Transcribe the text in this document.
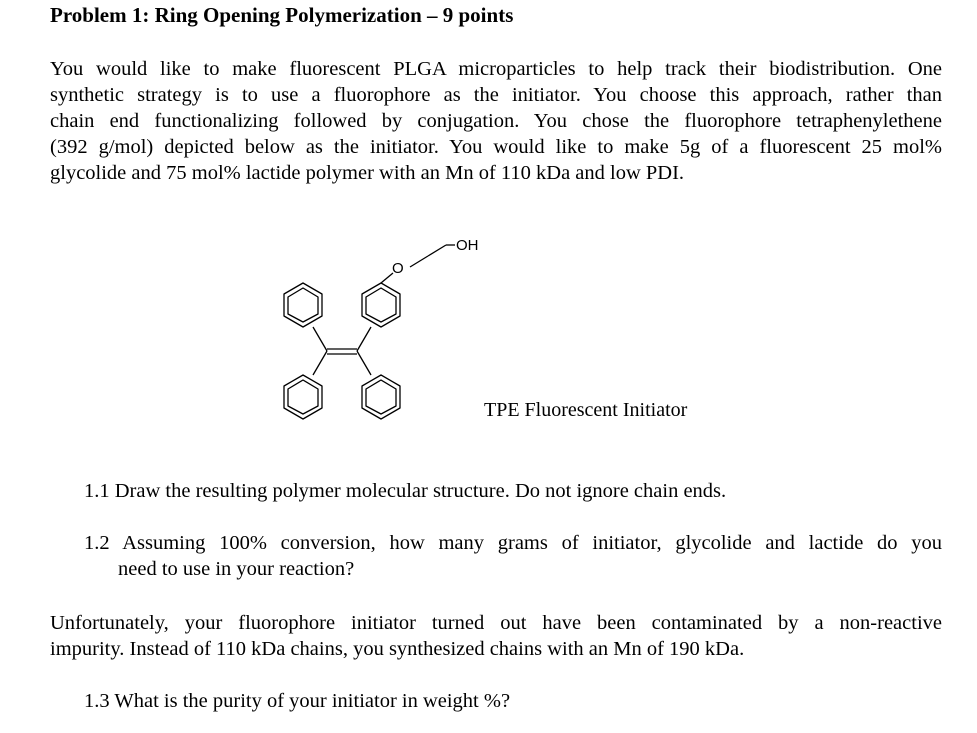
Problem 1: Ring Opening Polymerization – 9 points
You would like to make fluorescent PLGA microparticles to help track their biodistribution. One
synthetic strategy is to use a fluorophore as the initiator. You choose this approach, rather than
chain end functionalizing followed by conjugation. You chose the fluorophore tetraphenylethene
(392 g/mol) depicted below as the initiator. You would like to make 5g of a fluorescent 25 mol%
glycolide and 75 mol% lactide polymer with an Mn of 110 kDa and low PDI.
O
OH
TPE Fluorescent Initiator
1.1 Draw the resulting polymer molecular structure. Do not ignore chain ends.
1.2 Assuming 100% conversion, how many grams of initiator, glycolide and lactide do you
need to use in your reaction?
Unfortunately, your fluorophore initiator turned out have been contaminated by a non-reactive
impurity. Instead of 110 kDa chains, you synthesized chains with an Mn of 190 kDa.
1.3 What is the purity of your initiator in weight %?
